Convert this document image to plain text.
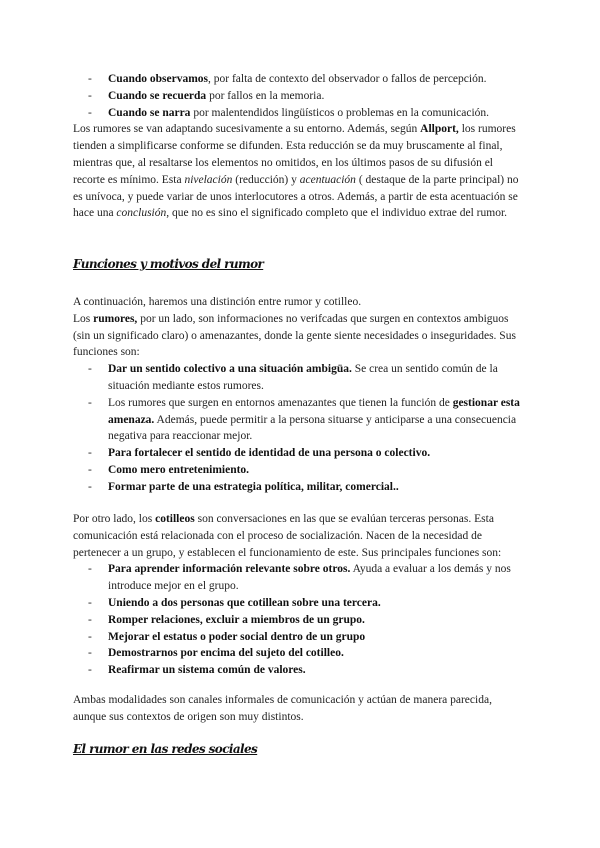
- Cuando observamos, por falta de contexto del observador o fallos de percepción.
- Cuando se recuerda por fallos en la memoria.
- Cuando se narra por malentendidos lingüísticos o problemas en la comunicación.

Los rumores se van adaptando sucesivamente a su entorno. Además, según Allport, los rumores tienden a simplificarse conforme se difunden. Esta reducción se da muy bruscamente al final, mientras que, al resaltarse los elementos no omitidos, en los últimos pasos de su difusión el recorte es mínimo. Esta nivelación (reducción) y acentuación ( destaque de la parte principal) no es unívoca, y puede variar de unos interlocutores a otros. Además, a partir de esta acentuación se hace una conclusión, que no es sino el significado completo que el individuo extrae del rumor.

Funciones y motivos del rumor

A continuación, haremos una distinción entre rumor y cotilleo.

Los rumores, por un lado, son informaciones no verifcadas que surgen en contextos ambiguos (sin un significado claro) o amenazantes, donde la gente siente necesidades o inseguridades. Sus funciones son:

- Dar un sentido colectivo a una situación ambigüa. Se crea un sentido común de la situación mediante estos rumores.
- Los rumores que surgen en entornos amenazantes que tienen la función de gestionar esta amenaza. Además, puede permitir a la persona situarse y anticiparse a una consecuencia negativa para reaccionar mejor.
- Para fortalecer el sentido de identidad de una persona o colectivo.
- Como mero entretenimiento.
- Formar parte de una estrategia política, militar, comercial..

Por otro lado, los cotilleos son conversaciones en las que se evalúan terceras personas. Esta comunicación está relacionada con el proceso de socialización. Nacen de la necesidad de pertenecer a un grupo, y establecen el funcionamiento de este. Sus principales funciones son:

- Para aprender información relevante sobre otros. Ayuda a evaluar a los demás y nos introduce mejor en el grupo.
- Uniendo a dos personas que cotillean sobre una tercera.
- Romper relaciones, excluir a miembros de un grupo.
- Mejorar el estatus o poder social dentro de un grupo
- Demostrarnos por encima del sujeto del cotilleo.
- Reafirmar un sistema común de valores.

Ambas modalidades son canales informales de comunicación y actúan de manera parecida, aunque sus contextos de origen son muy distintos.

El rumor en las redes sociales
